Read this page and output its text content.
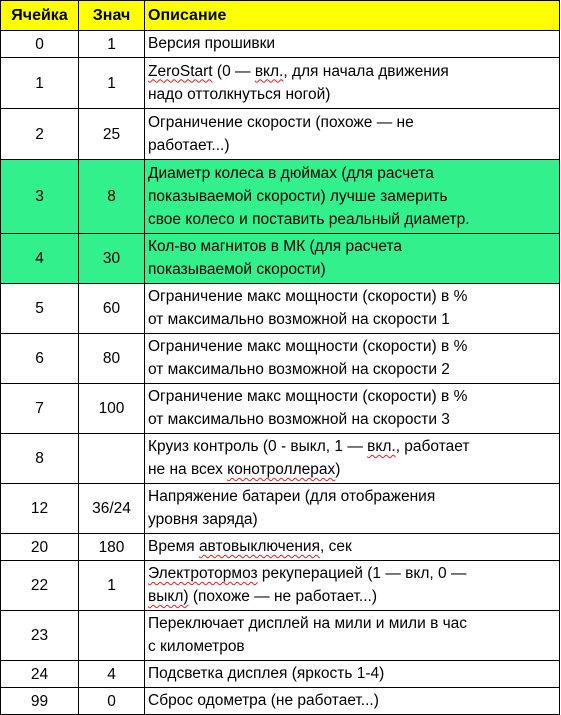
Ячейка	Знач	Описание
0	1	Версия прошивки
1	1	ZeroStart (0 — вкл., для начала движения
надо оттолкнуться ногой)
2	25	Ограничение скорости (похоже — не
работает...)
3	8	Диаметр колеса в дюймах (для расчета
показываемой скорости) лучше замерить
свое колесо и поставить реальный диаметр.
4	30	Кол-во магнитов в МК (для расчета
показываемой скорости)
5	60	Ограничение макс мощности (скорости) в %
от максимально возможной на скорости 1
6	80	Ограничение макс мощности (скорости) в %
от максимально возможной на скорости 2
7	100	Ограничение макс мощности (скорости) в %
от максимально возможной на скорости 3
8		Круиз контроль (0 - выкл, 1 — вкл., работает
не на всех конотроллерах)
12	36/24	Напряжение батареи (для отображения
уровня заряда)
20	180	Время автовыключения, сек
22	1	Электротормоз рекуперацией (1 — вкл, 0 —
выкл) (похоже — не работает...)
23		Переключает дисплей на мили и мили в час
с километров
24	4	Подсветка дисплея (яркость 1-4)
99	0	Сброс одометра (не работает...)
